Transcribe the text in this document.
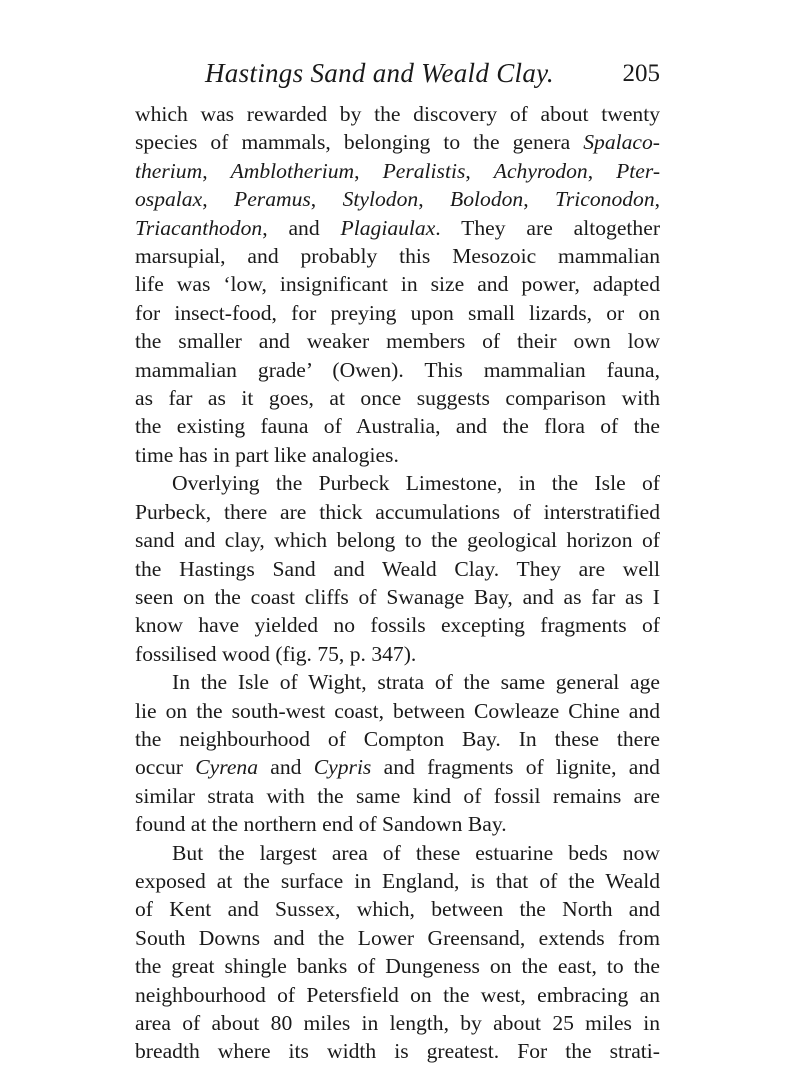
Hastings Sand and Weald Clay.	205
which was rewarded by the discovery of about twenty
species of mammals, belonging to the genera Spalaco-
therium, Amblotherium, Peralistis, Achyrodon, Pter-
ospalax, Peramus, Stylodon, Bolodon, Triconodon,
Triacanthodon, and Plagiaulax. They are altogether
marsupial, and probably this Mesozoic mammalian
life was ‘low, insignificant in size and power, adapted
for insect-food, for preying upon small lizards, or on
the smaller and weaker members of their own low
mammalian grade’ (Owen). This mammalian fauna,
as far as it goes, at once suggests comparison with
the existing fauna of Australia, and the flora of the
time has in part like analogies.
Overlying the Purbeck Limestone, in the Isle of
Purbeck, there are thick accumulations of interstratified
sand and clay, which belong to the geological horizon of
the Hastings Sand and Weald Clay. They are well
seen on the coast cliffs of Swanage Bay, and as far as I
know have yielded no fossils excepting fragments of
fossilised wood (fig. 75, p. 347).
In the Isle of Wight, strata of the same general age
lie on the south-west coast, between Cowleaze Chine and
the neighbourhood of Compton Bay. In these there
occur Cyrena and Cypris and fragments of lignite, and
similar strata with the same kind of fossil remains are
found at the northern end of Sandown Bay.
But the largest area of these estuarine beds now
exposed at the surface in England, is that of the Weald
of Kent and Sussex, which, between the North and
South Downs and the Lower Greensand, extends from
the great shingle banks of Dungeness on the east, to the
neighbourhood of Petersfield on the west, embracing an
area of about 80 miles in length, by about 25 miles in
breadth where its width is greatest. For the strati-
